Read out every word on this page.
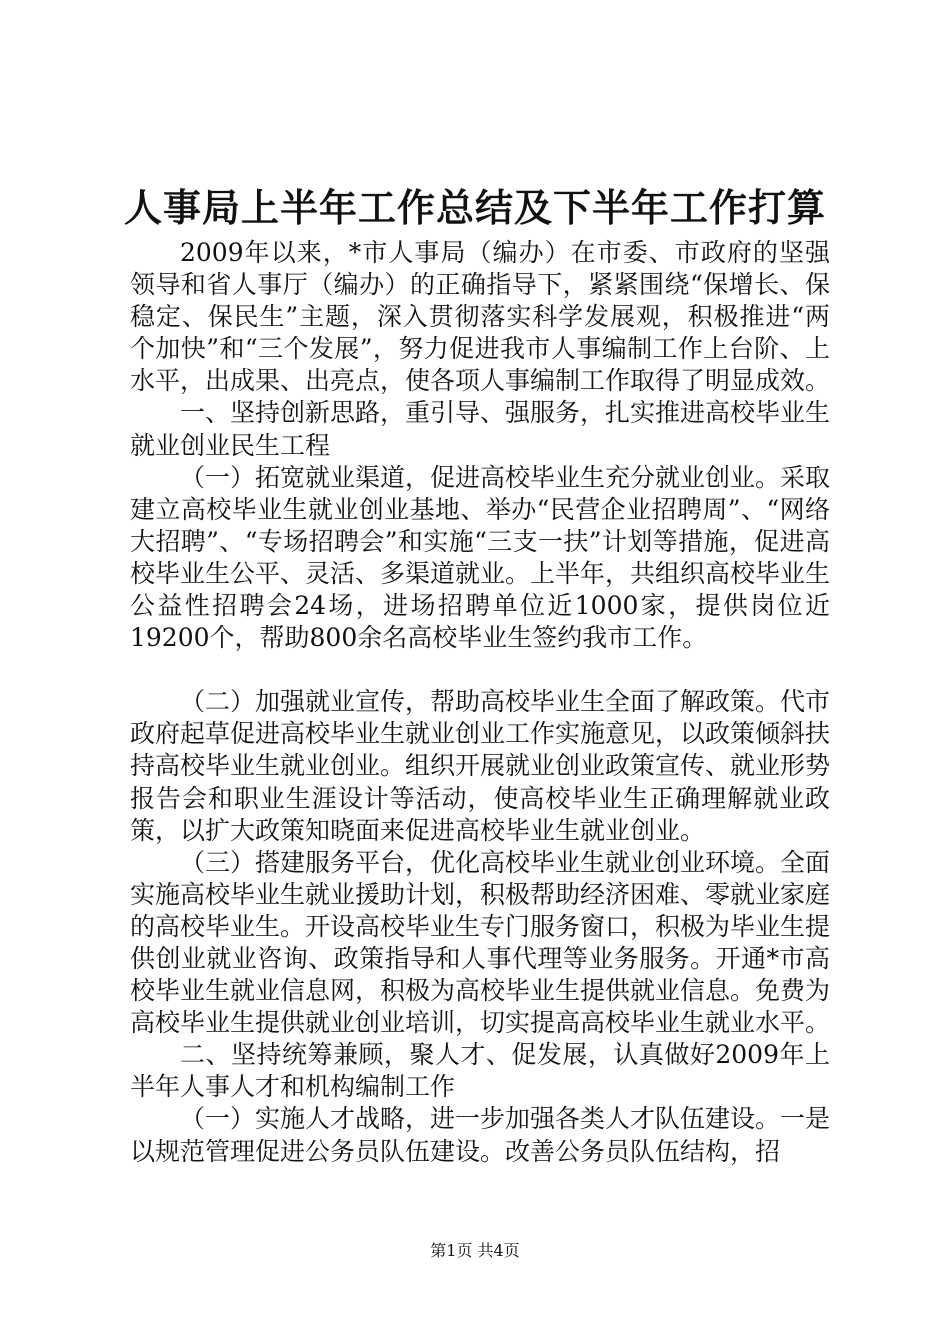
人事局上半年工作总结及下半年工作打算

2009年以来，*市人事局（编办）在市委、市政府的坚强领导和省人事厅（编办）的正确指导下，紧紧围绕“保增长、保稳定、保民生”主题，深入贯彻落实科学发展观，积极推进“两个加快”和“三个发展”，努力促进我市人事编制工作上台阶、上水平，出成果、出亮点，使各项人事编制工作取得了明显成效。

一、坚持创新思路，重引导、强服务，扎实推进高校毕业生就业创业民生工程

（一）拓宽就业渠道，促进高校毕业生充分就业创业。采取建立高校毕业生就业创业基地、举办“民营企业招聘周”、“网络大招聘”、“专场招聘会”和实施“三支一扶”计划等措施，促进高校毕业生公平、灵活、多渠道就业。上半年，共组织高校毕业生公益性招聘会24场，进场招聘单位近1000家，提供岗位近19200个，帮助800余名高校毕业生签约我市工作。

（二）加强就业宣传，帮助高校毕业生全面了解政策。代市政府起草促进高校毕业生就业创业工作实施意见，以政策倾斜扶持高校毕业生就业创业。组织开展就业创业政策宣传、就业形势报告会和职业生涯设计等活动，使高校毕业生正确理解就业政策，以扩大政策知晓面来促进高校毕业生就业创业。

（三）搭建服务平台，优化高校毕业生就业创业环境。全面实施高校毕业生就业援助计划，积极帮助经济困难、零就业家庭的高校毕业生。开设高校毕业生专门服务窗口，积极为毕业生提供创业就业咨询、政策指导和人事代理等业务服务。开通*市高校毕业生就业信息网，积极为高校毕业生提供就业信息。免费为高校毕业生提供就业创业培训，切实提高高校毕业生就业水平。

二、坚持统筹兼顾，聚人才、促发展，认真做好2009年上半年人事人才和机构编制工作

（一）实施人才战略，进一步加强各类人才队伍建设。一是以规范管理促进公务员队伍建设。改善公务员队伍结构，招

第1页 共4页
